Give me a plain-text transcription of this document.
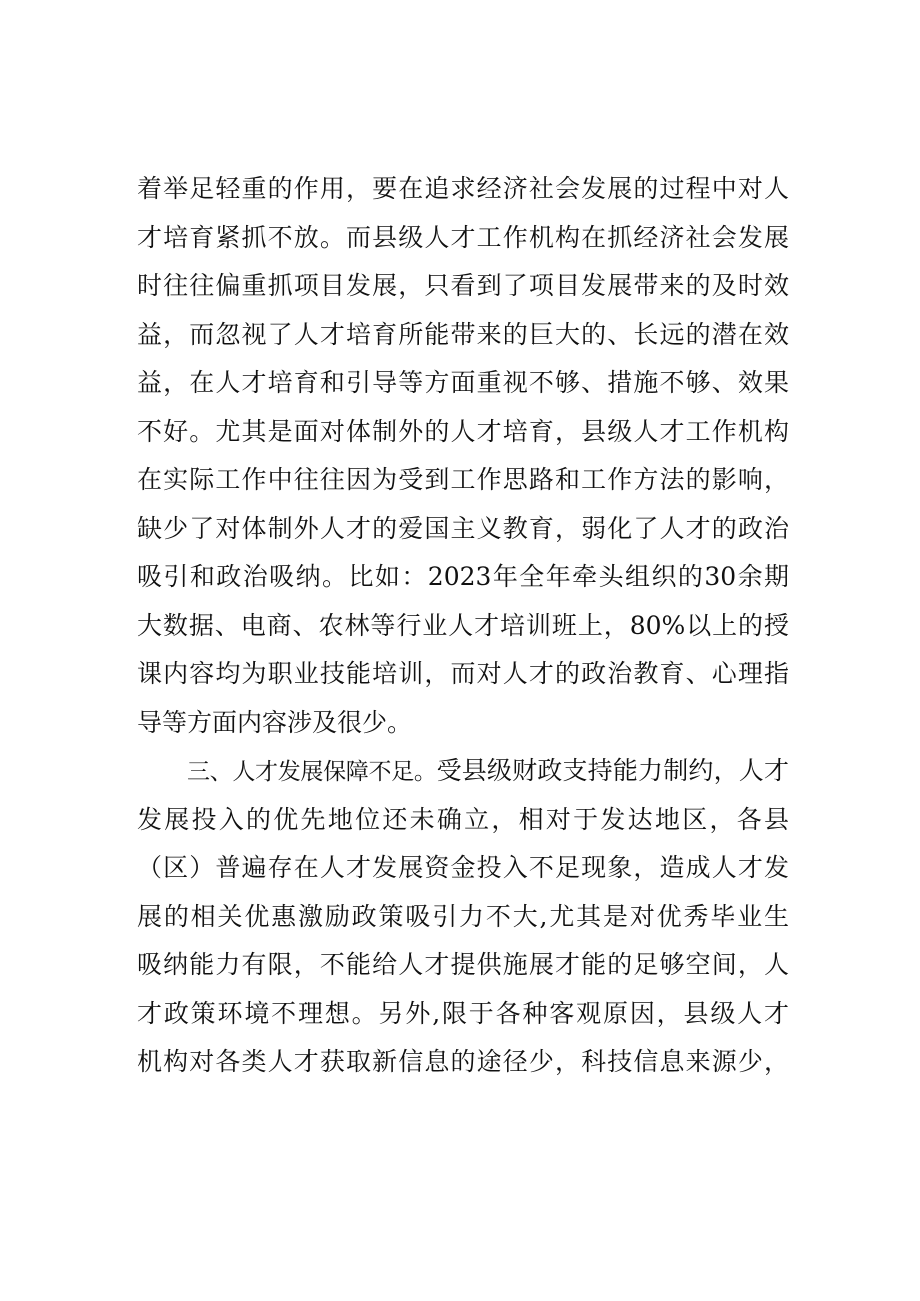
着举足轻重的作用，要在追求经济社会发展的过程中对人
才培育紧抓不放。而县级人才工作机构在抓经济社会发展
时往往偏重抓项目发展，只看到了项目发展带来的及时效
益，而忽视了人才培育所能带来的巨大的、长远的潜在效
益，在人才培育和引导等方面重视不够、措施不够、效果
不好。尤其是面对体制外的人才培育，县级人才工作机构
在实际工作中往往因为受到工作思路和工作方法的影响，
缺少了对体制外人才的爱国主义教育，弱化了人才的政治
吸引和政治吸纳。比如：2023年全年牵头组织的30余期
大数据、电商、农林等行业人才培训班上，80%以上的授
课内容均为职业技能培训，而对人才的政治教育、心理指
导等方面内容涉及很少。
三、人才发展保障不足。受县级财政支持能力制约，人才
发展投入的优先地位还未确立，相对于发达地区，各县
（区）普遍存在人才发展资金投入不足现象，造成人才发
展的相关优惠激励政策吸引力不大,尤其是对优秀毕业生
吸纳能力有限，不能给人才提供施展才能的足够空间，人
才政策环境不理想。另外,限于各种客观原因，县级人才
机构对各类人才获取新信息的途径少，科技信息来源少，
